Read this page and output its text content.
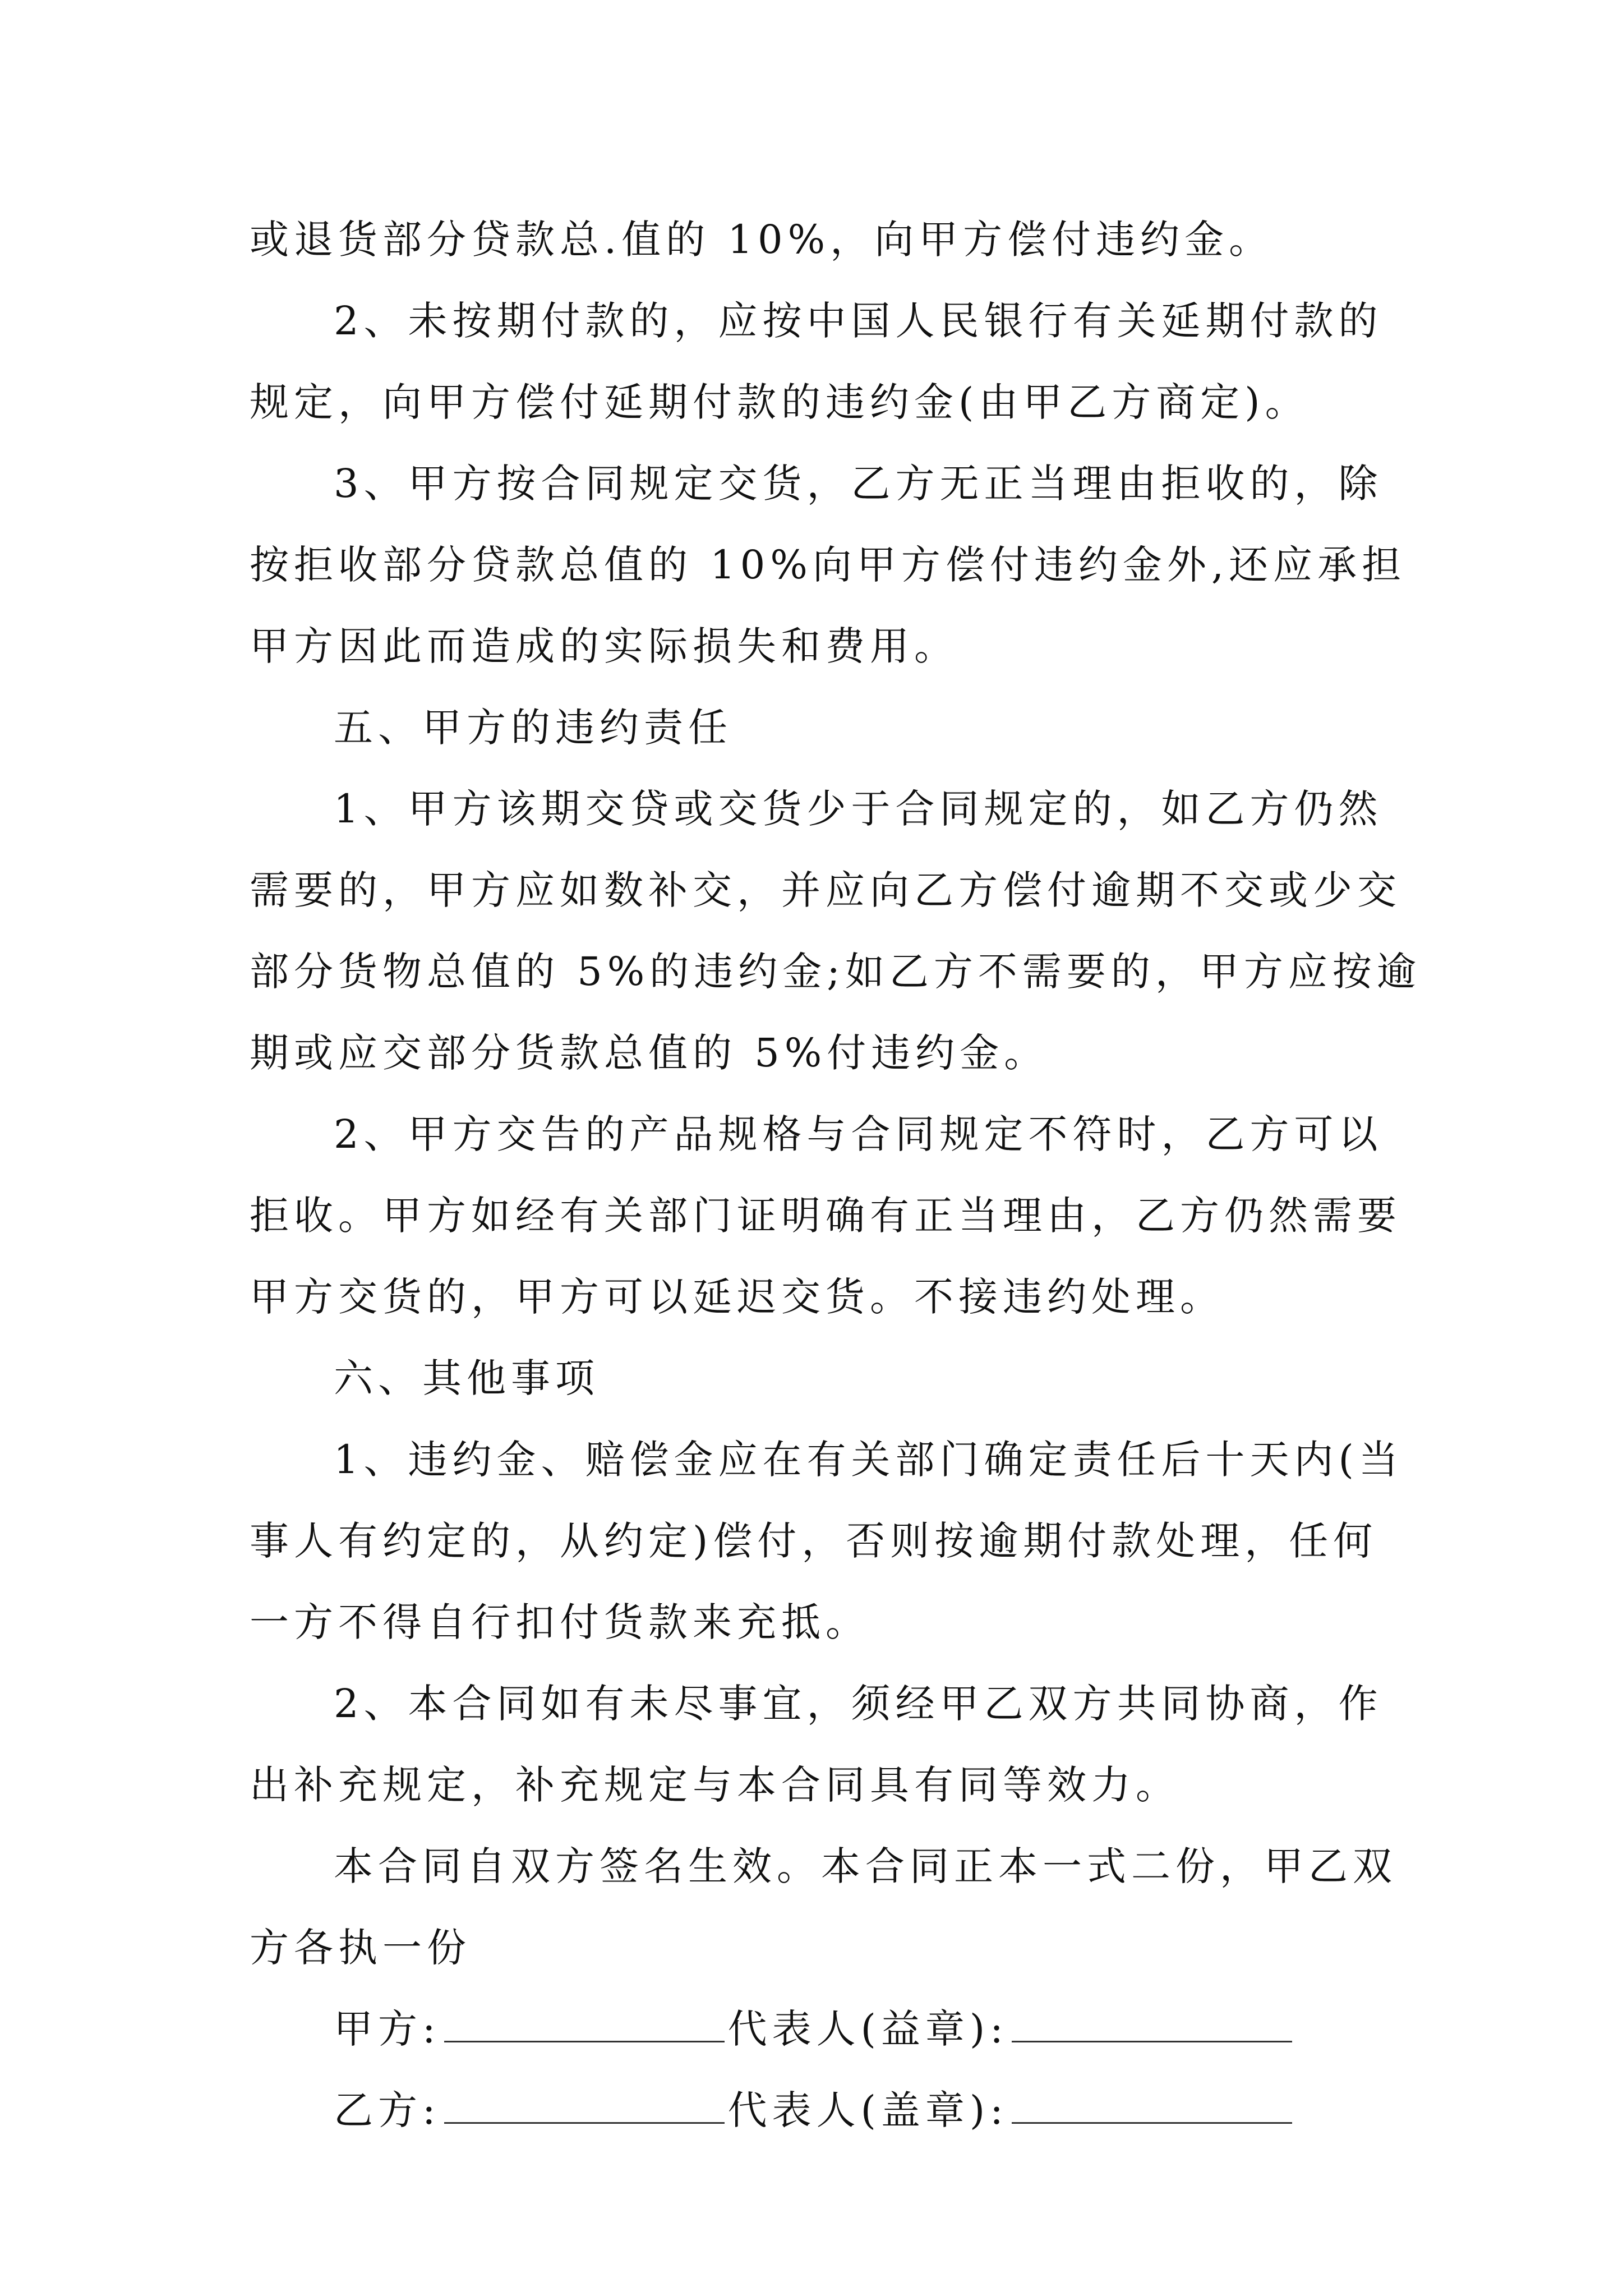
或退货部分贷款总.值的 10%，向甲方偿付违约金。
2、未按期付款的，应按中国人民银行有关延期付款的
规定，向甲方偿付延期付款的违约金(由甲乙方商定)。
3、甲方按合同规定交货，乙方无正当理由拒收的，除
按拒收部分贷款总值的 10%向甲方偿付违约金外,还应承担
甲方因此而造成的实际损失和费用。
五、甲方的违约责任
1、甲方该期交贷或交货少于合同规定的，如乙方仍然
需要的，甲方应如数补交，并应向乙方偿付逾期不交或少交
部分货物总值的 5%的违约金;如乙方不需要的，甲方应按逾
期或应交部分货款总值的 5%付违约金。
2、甲方交告的产品规格与合同规定不符时，乙方可以
拒收。甲方如经有关部门证明确有正当理由，乙方仍然需要
甲方交货的，甲方可以延迟交货。不接违约处理。
六、其他事项
1、违约金、赔偿金应在有关部门确定责任后十天内(当
事人有约定的，从约定)偿付，否则按逾期付款处理，任何
一方不得自行扣付货款来充抵。
2、本合同如有未尽事宜，须经甲乙双方共同协商，作
出补充规定，补充规定与本合同具有同等效力。
本合同自双方签名生效。本合同正本一式二份，甲乙双
方各执一份
甲方:	代表人(益章):
乙方:	代表人(盖章):
